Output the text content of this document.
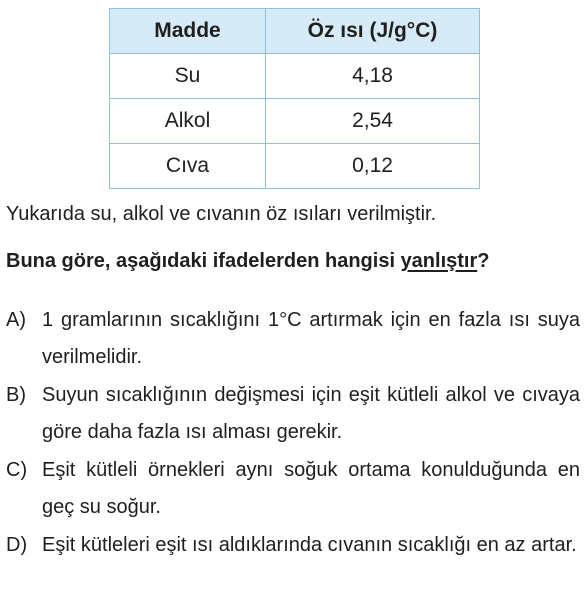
Madde	Öz ısı (J/g°C)
Su	4,18
Alkol	2,54
Cıva	0,12
Yukarıda su, alkol ve cıvanın öz ısıları verilmiştir.
Buna göre, aşağıdaki ifadelerden hangisi yanlıştır?
A) 1 gramlarının sıcaklığını 1°C artırmak için en fazla ısı suya verilmelidir.
B) Suyun sıcaklığının değişmesi için eşit kütleli alkol ve cıvaya göre daha fazla ısı alması gerekir.
C) Eşit kütleli örnekleri aynı soğuk ortama konulduğunda en geç su soğur.
D) Eşit kütleleri eşit ısı aldıklarında cıvanın sıcaklığı en az artar.
